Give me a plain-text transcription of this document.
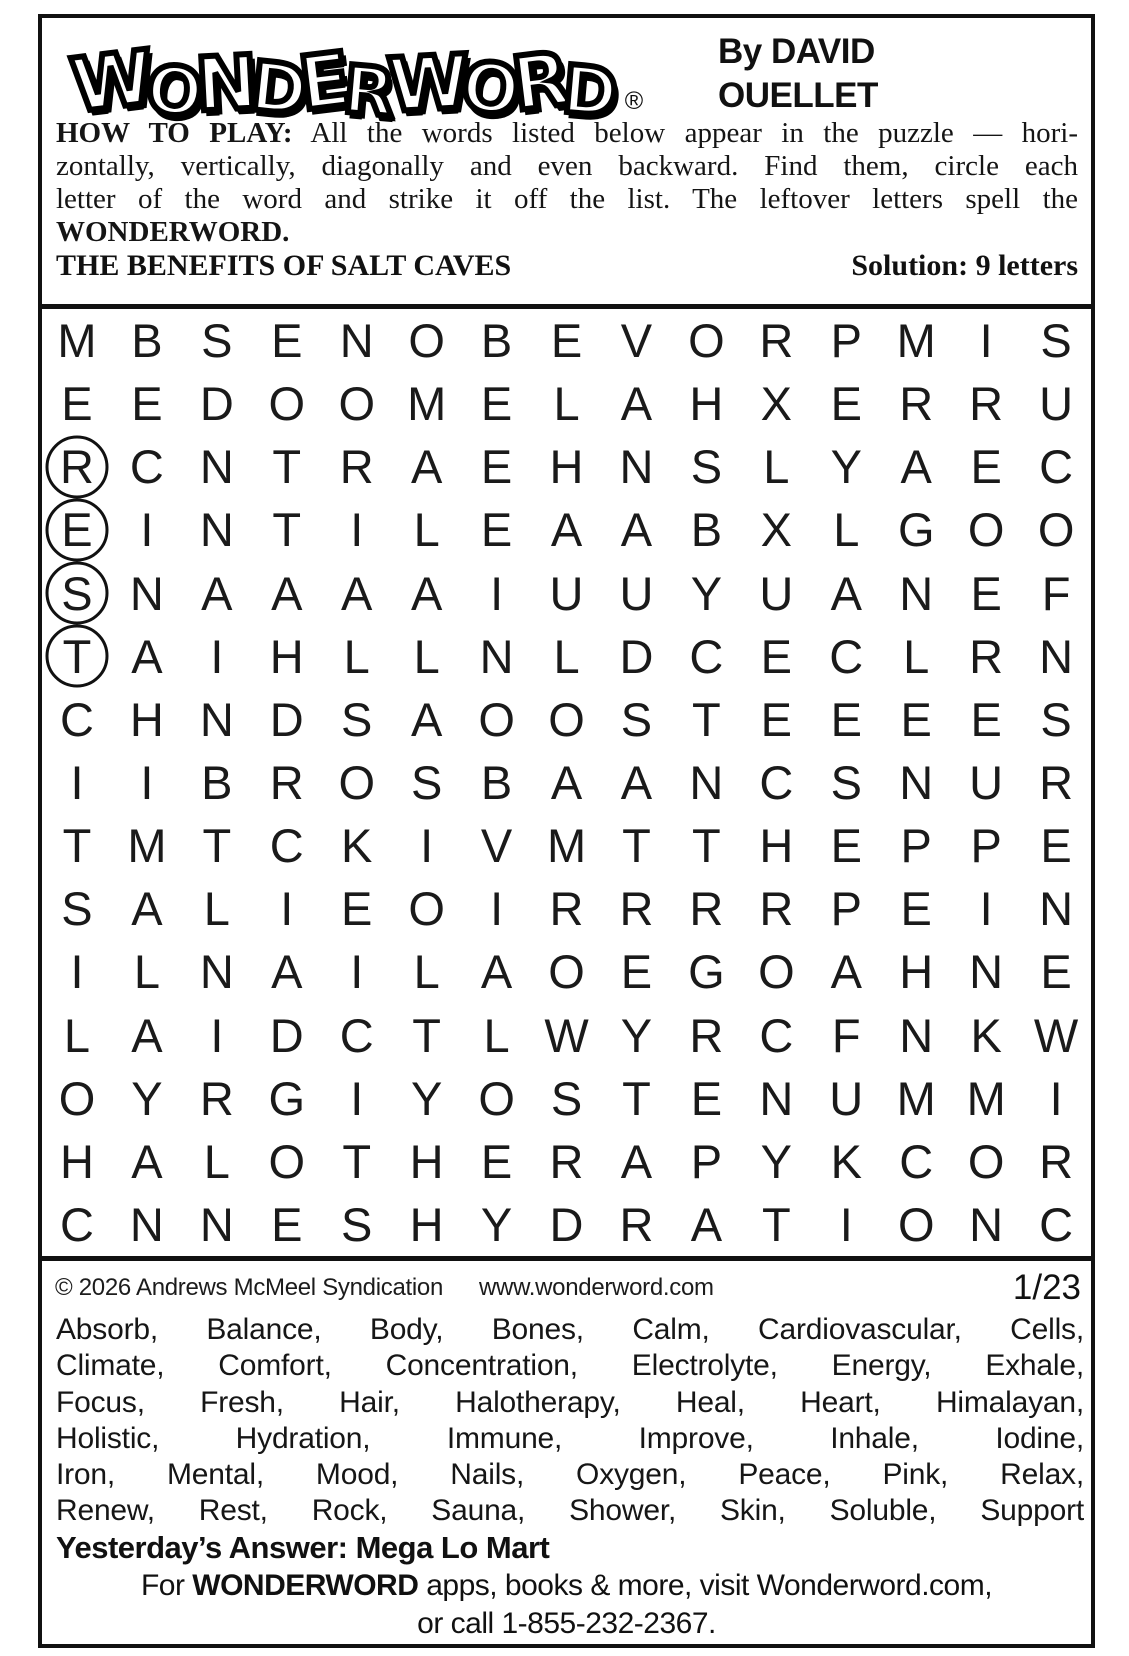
W
O
N
D
E
R
W
O
R
D ®
By DAVID
OUELLET
HOW TO PLAY: All the words listed below appear in the puzzle — hori-
zontally, vertically, diagonally and even backward. Find them, circle each
letter of the word and strike it off the list. The leftover letters spell the
WONDERWORD.
THE BENEFITS OF SALT CAVES	Solution: 9 letters
M B S E N O B E V O R P M I S
E E D O O M E L A H X E R R U
R C N T R A E H N S L Y A E C
E I N T I L E A A B X L G O O
S N A A A A I U U Y U A N E F
T A I H L L N L D C E C L R N
C H N D S A O O S T E E E E S
I I B R O S B A A N C S N U R
T M T C K I V M T T H E P P E
S A L I E O I R R R R P E I N
I L N A I L A O E G O A H N E
L A I D C T L W Y R C F N K W
O Y R G I Y O S T E N U M M I
H A L O T H E R A P Y K C O R
C N N E S H Y D R A T I O N C
© 2026 Andrews McMeel Syndication www.wonderword.com	1/23
Absorb, Balance, Body, Bones, Calm, Cardiovascular, Cells,
Climate, Comfort, Concentration, Electrolyte, Energy, Exhale,
Focus, Fresh, Hair, Halotherapy, Heal, Heart, Himalayan,
Holistic, Hydration, Immune, Improve, Inhale, Iodine,
Iron, Mental, Mood, Nails, Oxygen, Peace, Pink, Relax,
Renew, Rest, Rock, Sauna, Shower, Skin, Soluble, Support
Yesterday’s Answer: Mega Lo Mart
For WONDERWORD apps, books & more, visit Wonderword.com,
or call 1-855-232-2367.
